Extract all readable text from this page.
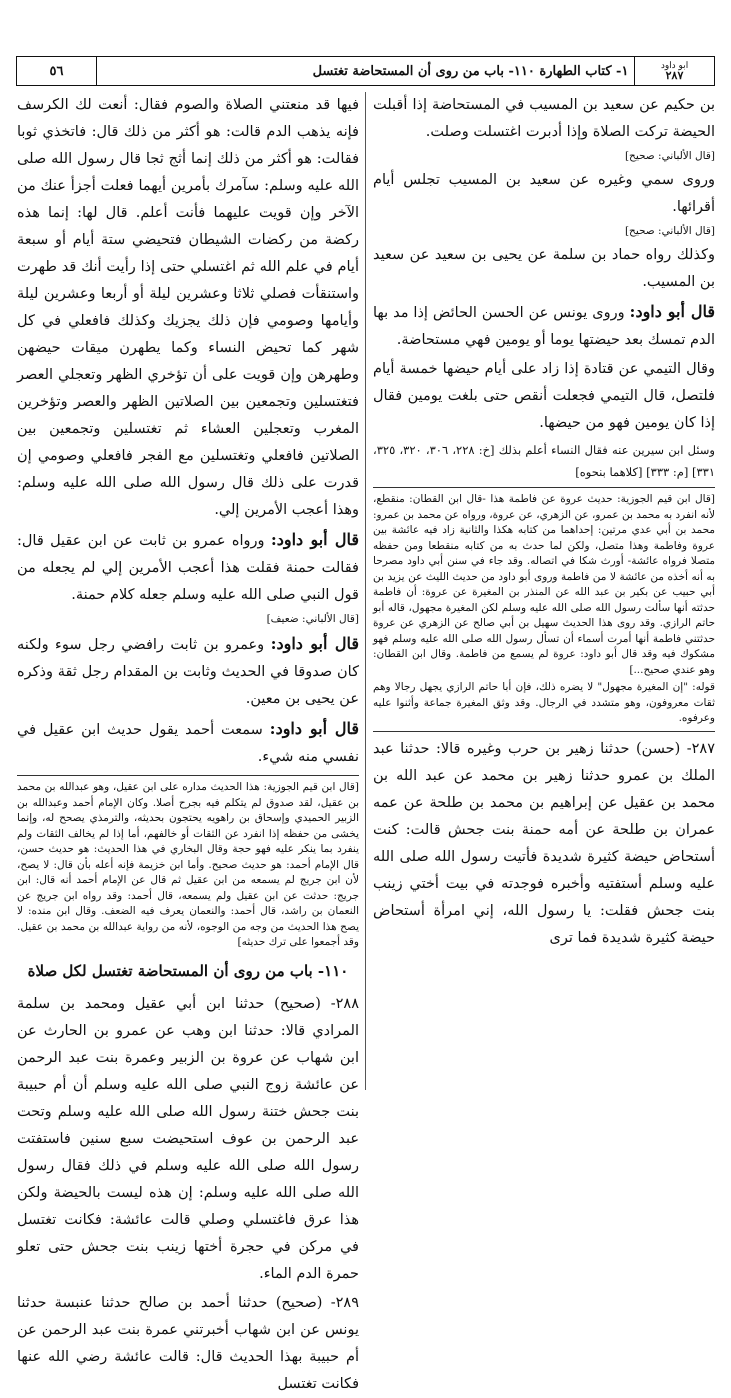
ابو داود
٢٨٧
١- كتاب الطهارة ١١٠- باب من روى أن المستحاضة تغتسل
٥٦

بن حكيم عن سعيد بن المسيب في المستحاضة إذا أقبلت الحيضة تركت الصلاة وإذا أدبرت اغتسلت وصلت.

[قال الألباني: صحيح]

وروى سمي وغيره عن سعيد بن المسيب تجلس أيام أقرائها.

[قال الألباني: صحيح]

وكذلك رواه حماد بن سلمة عن يحيى بن سعيد عن سعيد بن المسيب.

قال أبو داود: وروى يونس عن الحسن الحائض إذا مد بها الدم تمسك بعد حيضتها يوما أو يومين فهي مستحاضة.

وقال التيمي عن قتادة إذا زاد على أيام حيضها خمسة أيام فلتصل، قال التيمي فجعلت أنقص حتى بلغت يومين فقال إذا كان يومين فهو من حيضها.

وسئل ابن سيرين عنه فقال النساء أعلم بذلك [خ: ٢٢٨، ٣٠٦، ٣٢٠، ٣٢٥، ٣٣١] [م: ٣٣٣] [كلاهما بنحوه]

[قال ابن قيم الجوزية: حديث عروة عن فاطمة هذا -قال ابن القطان: منقطع، لأنه انفرد به محمد بن عمرو، عن الزهري، عن عروة، ورواه عن محمد بن عمرو: محمد بن أبي عدي مرتين: إحداهما من كتابه هكذا والثانية زاد فيه عائشة بين عروة وفاطمة وهذا متصل، ولكن لما حدث به من كتابه منقطعا ومن حفظه متصلا فرواه عائشة- أورث شكا في اتصاله. وقد جاء في سنن أبي داود مصرحا به أنه أخذه من عائشة لا من فاطمة وروى أبو داود من حديث الليث عن يزيد بن أبي حبيب عن بكير بن عبد الله عن المنذر بن المغيرة عن عروة: أن فاطمة حدثته أنها سألت رسول الله صلى الله عليه وسلم لكن المغيرة مجهول، قاله أبو حاتم الرازي. وقد روى هذا الحديث سهيل بن أبي صالح عن الزهري عن عروة حدثتني فاطمة أنها أمرت أسماء أن تسأل رسول الله صلى الله عليه وسلم فهو مشكوك فيه وقد قال أبو داود: عروة لم يسمع من فاطمة. وقال ابن القطان: وهو عندي صحيح...]

قوله: "إن المغيرة مجهول" لا يضره ذلك، فإن أبا حاتم الرازي يجهل رجالا وهم ثقات معروفون، وهو متشدد في الرجال. وقد وثق المغيرة جماعة وأثنوا عليه وعرفوه.

٢٨٧- (حسن) حدثنا زهير بن حرب وغيره قالا: حدثنا عبد الملك بن عمرو حدثنا زهير بن محمد عن عبد الله بن محمد بن عقيل عن إبراهيم بن محمد بن طلحة عن عمه عمران بن طلحة عن أمه حمنة بنت جحش قالت: كنت أستحاض حيضة كثيرة شديدة فأتيت رسول الله صلى الله عليه وسلم أستفتيه وأخبره فوجدته في بيت أختي زينب بنت جحش فقلت: يا رسول الله، إني امرأة أستحاض حيضة كثيرة شديدة فما ترى

فيها قد منعتني الصلاة والصوم فقال: أنعت لك الكرسف فإنه يذهب الدم قالت: هو أكثر من ذلك قال: فاتخذي ثوبا فقالت: هو أكثر من ذلك إنما أثج ثجا قال رسول الله صلى الله عليه وسلم: سآمرك بأمرين أيهما فعلت أجزأ عنك من الآخر وإن قويت عليهما فأنت أعلم. قال لها: إنما هذه ركضة من ركضات الشيطان فتحيضي ستة أيام أو سبعة أيام في علم الله ثم اغتسلي حتى إذا رأيت أنك قد طهرت واستنقأت فصلي ثلاثا وعشرين ليلة أو أربعا وعشرين ليلة وأيامها وصومي فإن ذلك يجزيك وكذلك فافعلي في كل شهر كما تحيض النساء وكما يطهرن ميقات حيضهن وطهرهن وإن قويت على أن تؤخري الظهر وتعجلي العصر فتغتسلين وتجمعين بين الصلاتين الظهر والعصر وتؤخرين المغرب وتعجلين العشاء ثم تغتسلين وتجمعين بين الصلاتين فافعلي وتغتسلين مع الفجر فافعلي وصومي إن قدرت على ذلك قال رسول الله صلى الله عليه وسلم: وهذا أعجب الأمرين إلي.

قال أبو داود: ورواه عمرو بن ثابت عن ابن عقيل قال: فقالت حمنة فقلت هذا أعجب الأمرين إلي لم يجعله من قول النبي صلى الله عليه وسلم جعله كلام حمنة.

[قال الألباني: ضعيف]

قال أبو داود: وعمرو بن ثابت رافضي رجل سوء ولكنه كان صدوقا في الحديث وثابت بن المقدام رجل ثقة وذكره عن يحيى بن معين.

قال أبو داود: سمعت أحمد يقول حديث ابن عقيل في نفسي منه شيء.

[قال ابن قيم الجوزية: هذا الحديث مداره على ابن عقيل، وهو عبدالله بن محمد بن عقيل، لقد صدوق لم يتكلم فيه بجرح أصلا. وكان الإمام أحمد وعبدالله بن الزبير الحميدي وإسحاق بن راهويه يحتجون بحديثه، والترمذي يصحح له، وإنما يخشى من حفظه إذا انفرد عن الثقات أو خالفهم، أما إذا لم يخالف الثقات ولم ينفرد بما ينكر عليه فهو حجة وقال البخاري في هذا الحديث: هو حديث حسن، قال الإمام أحمد: هو حديث صحيح. وأما ابن خزيمة فإنه أعله بأن قال: لا يصح، لأن ابن جريج لم يسمعه من ابن عقيل ثم قال عن الإمام أحمد أنه قال: ابن جريج: حدثت عن ابن عقيل ولم يسمعه، قال أحمد: وقد رواه ابن جريج عن النعمان بن راشد، قال أحمد: والنعمان يعرف فيه الضعف. وقال ابن منده: لا يصح هذا الحديث من وجه من الوجوه، لأنه من رواية عبدالله بن محمد بن عقيل. وقد أجمعوا على ترك حديثه]

١١٠- باب من روى أن المستحاضة تغتسل لكل صلاة

٢٨٨- (صحيح) حدثنا ابن أبي عقيل ومحمد بن سلمة المرادي قالا: حدثنا ابن وهب عن عمرو بن الحارث عن ابن شهاب عن عروة بن الزبير وعمرة بنت عبد الرحمن عن عائشة زوج النبي صلى الله عليه وسلم أن أم حبيبة بنت جحش ختنة رسول الله صلى الله عليه وسلم وتحت عبد الرحمن بن عوف استحيضت سبع سنين فاستفتت رسول الله صلى الله عليه وسلم في ذلك فقال رسول الله صلى الله عليه وسلم: إن هذه ليست بالحيضة ولكن هذا عرق فاغتسلي وصلي قالت عائشة: فكانت تغتسل في مركن في حجرة أختها زينب بنت جحش حتى تعلو حمرة الدم الماء.

٢٨٩- (صحيح) حدثنا أحمد بن صالح حدثنا عنبسة حدثنا يونس عن ابن شهاب أخبرتني عمرة بنت عبد الرحمن عن أم حبيبة بهذا الحديث قال: قالت عائشة رضي الله عنها فكانت تغتسل
